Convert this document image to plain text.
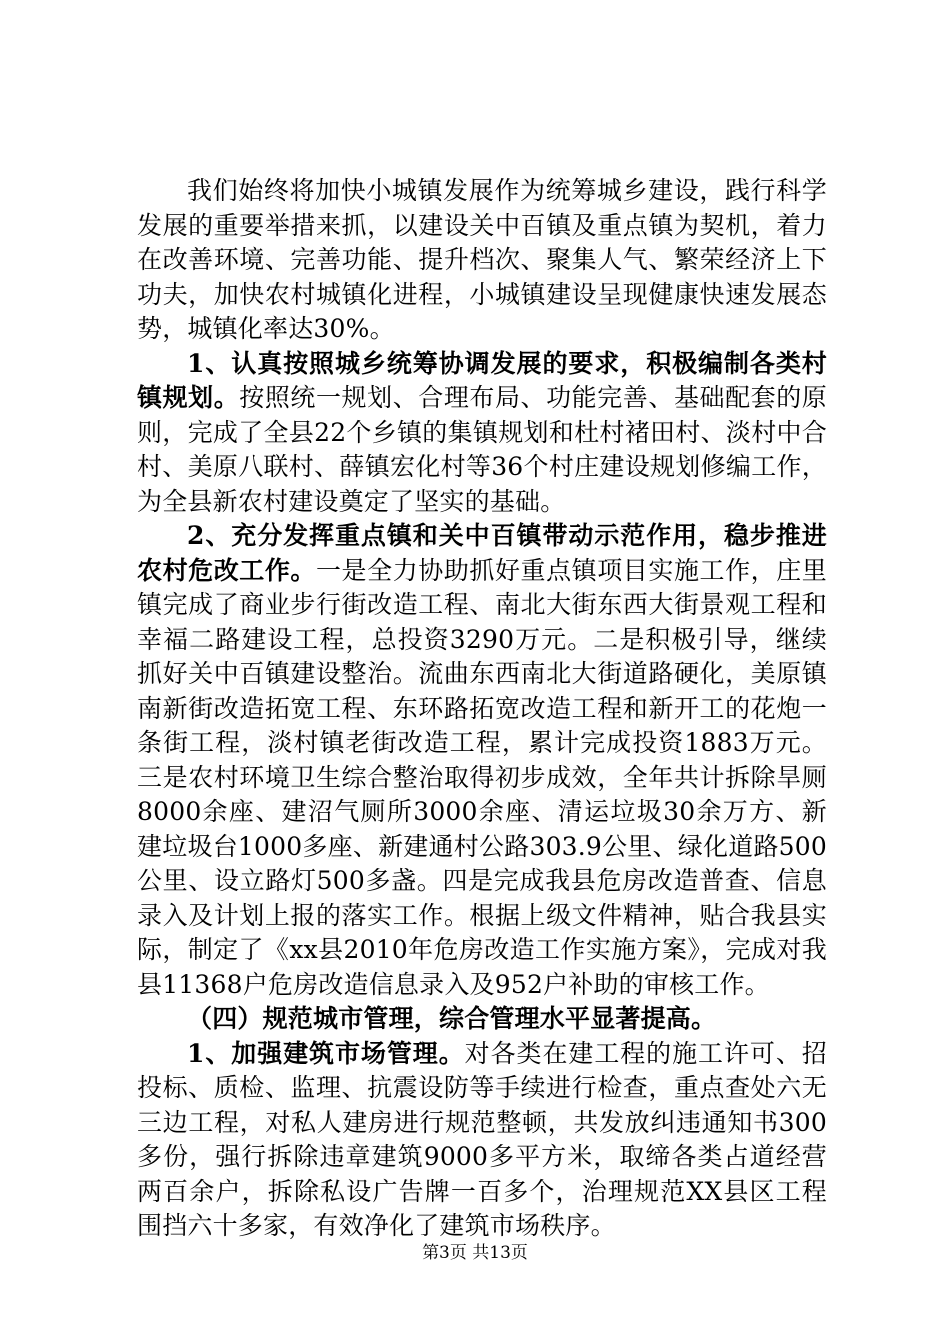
我们始终将加快小城镇发展作为统筹城乡建设，践行科学发展的重要举措来抓，以建设关中百镇及重点镇为契机，着力在改善环境、完善功能、提升档次、聚集人气、繁荣经济上下功夫，加快农村城镇化进程，小城镇建设呈现健康快速发展态势，城镇化率达30%。

1、认真按照城乡统筹协调发展的要求，积极编制各类村镇规划。按照统一规划、合理布局、功能完善、基础配套的原则，完成了全县22个乡镇的集镇规划和杜村褚田村、淡村中合村、美原八联村、薛镇宏化村等36个村庄建设规划修编工作，为全县新农村建设奠定了坚实的基础。

2、充分发挥重点镇和关中百镇带动示范作用，稳步推进农村危改工作。一是全力协助抓好重点镇项目实施工作，庄里镇完成了商业步行街改造工程、南北大街东西大街景观工程和幸福二路建设工程，总投资3290万元。二是积极引导，继续抓好关中百镇建设整治。流曲东西南北大街道路硬化，美原镇南新街改造拓宽工程、东环路拓宽改造工程和新开工的花炮一条街工程，淡村镇老街改造工程，累计完成投资1883万元。三是农村环境卫生综合整治取得初步成效，全年共计拆除旱厕8000余座、建沼气厕所3000余座、清运垃圾30余万方、新建垃圾台1000多座、新建通村公路303.9公里、绿化道路500公里、设立路灯500多盏。四是完成我县危房改造普查、信息录入及计划上报的落实工作。根据上级文件精神，贴合我县实际，制定了《xx县2010年危房改造工作实施方案》，完成对我县11368户危房改造信息录入及952户补助的审核工作。

（四）规范城市管理，综合管理水平显著提高。

1、加强建筑市场管理。对各类在建工程的施工许可、招投标、质检、监理、抗震设防等手续进行检查，重点查处六无三边工程，对私人建房进行规范整顿，共发放纠违通知书300多份，强行拆除违章建筑9000多平方米，取缔各类占道经营两百余户，拆除私设广告牌一百多个，治理规范XX县区工程围挡六十多家，有效净化了建筑市场秩序。

第3页 共13页
